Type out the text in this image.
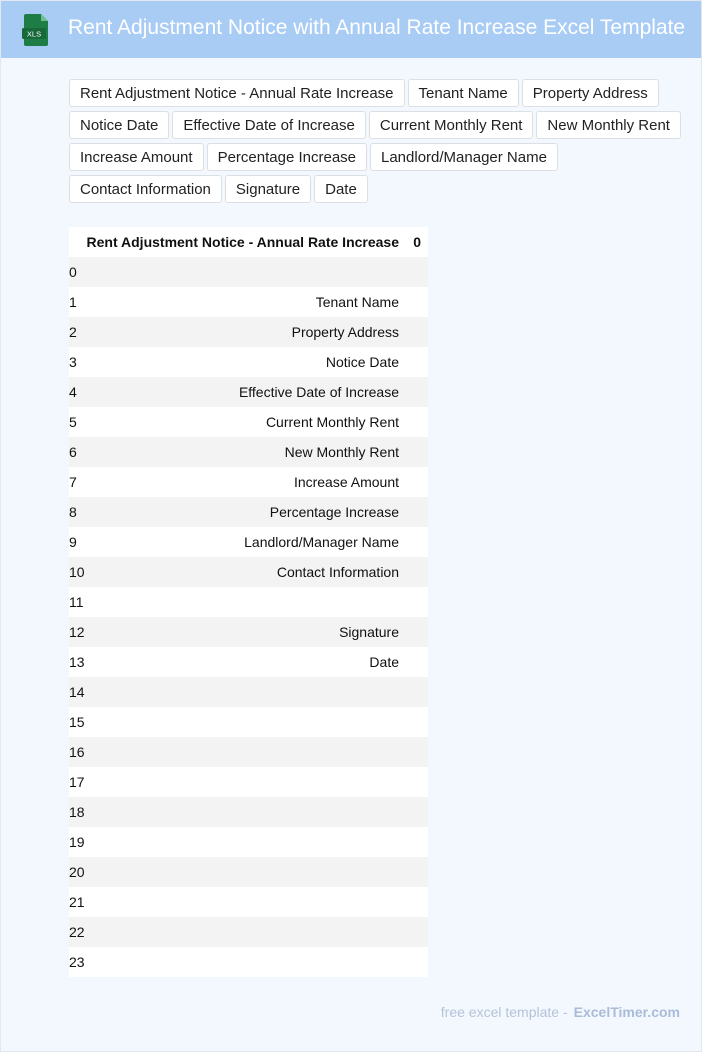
XLS Rent Adjustment Notice with Annual Rate Increase Excel Template
Rent Adjustment Notice - Annual Rate Increase	Tenant Name	Property Address
Notice Date	Effective Date of Increase	Current Monthly Rent	New Monthly Rent
Increase Amount	Percentage Increase	Landlord/Manager Name
Contact Information	Signature	Date
Rent Adjustment Notice - Annual Rate Increase 0
0
1	Tenant Name
2	Property Address
3	Notice Date
4	Effective Date of Increase
5	Current Monthly Rent
6	New Monthly Rent
7	Increase Amount
8	Percentage Increase
9	Landlord/Manager Name
10	Contact Information
11
12	Signature
13	Date
14
15
16
17
18
19
20
21
22
23
free excel template - ExcelTimer.com
